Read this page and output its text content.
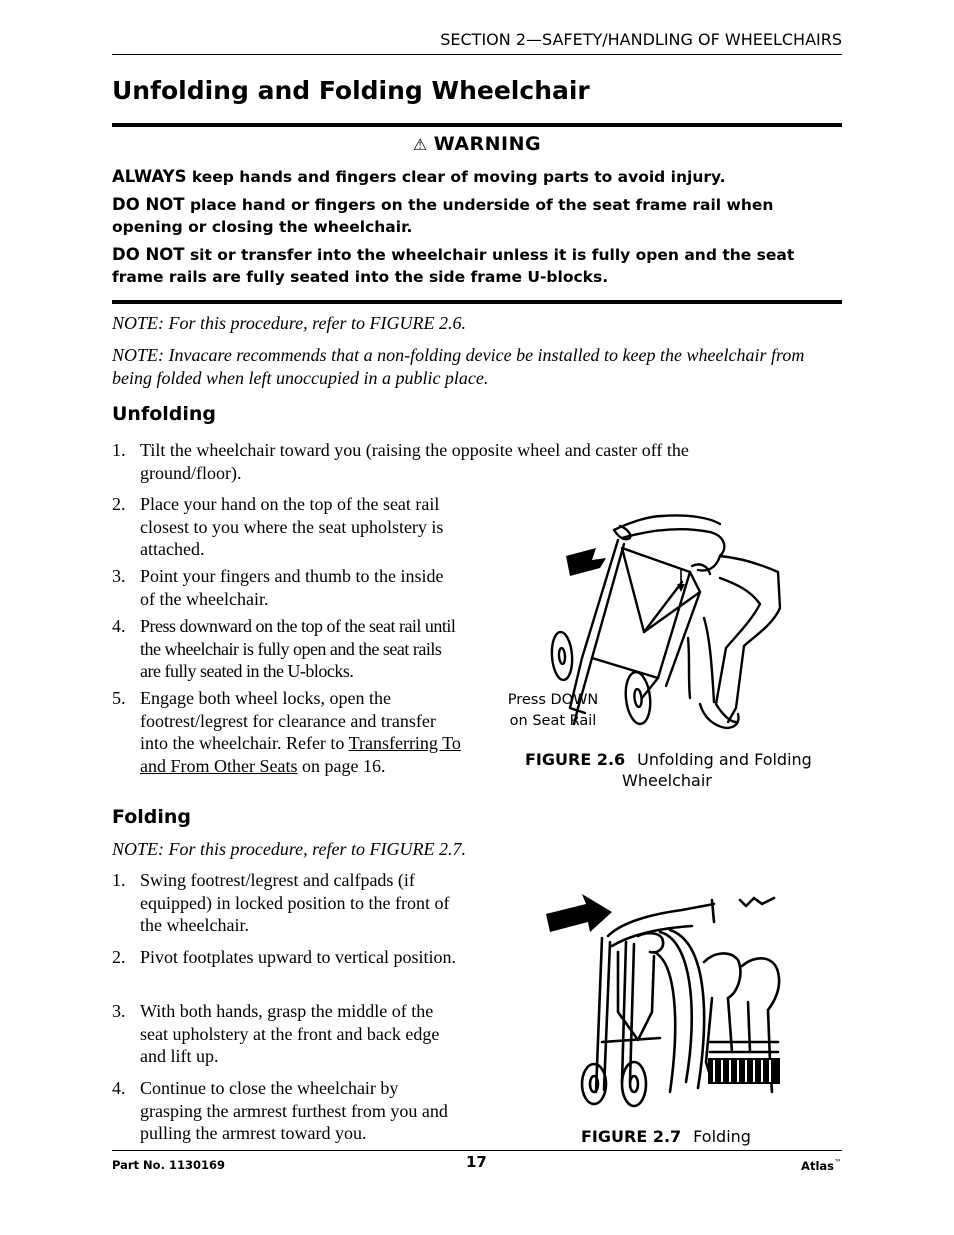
SECTION 2—SAFETY/HANDLING OF WHEELCHAIRS
Unfolding and Folding Wheelchair
⚠ WARNING
ALWAYS keep hands and fingers clear of moving parts to avoid injury.
DO NOT place hand or fingers on the underside of the seat frame rail when opening or closing the wheelchair.
DO NOT sit or transfer into the wheelchair unless it is fully open and the seat frame rails are fully seated into the side frame U-blocks.
NOTE: For this procedure, refer to FIGURE 2.6.
NOTE: Invacare recommends that a non-folding device be installed to keep the wheelchair from being folded when left unoccupied in a public place.
Unfolding
1. Tilt the wheelchair toward you (raising the opposite wheel and caster off the ground/floor).
2. Place your hand on the top of the seat rail closest to you where the seat upholstery is attached.
3. Point your fingers and thumb to the inside of the wheelchair.
4. Press downward on the top of the seat rail until the wheelchair is fully open and the seat rails are fully seated in the U-blocks.
5. Engage both wheel locks, open the footrest/legrest for clearance and transfer into the wheelchair. Refer to Transferring To and From Other Seats on page 16.
Press DOWN
on Seat Rail
FIGURE 2.6 Unfolding and Folding
Wheelchair
Folding
NOTE: For this procedure, refer to FIGURE 2.7.
1. Swing footrest/legrest and calfpads (if equipped) in locked position to the front of the wheelchair.
2. Pivot footplates upward to vertical position.
3. With both hands, grasp the middle of the seat upholstery at the front and back edge and lift up.
4. Continue to close the wheelchair by grasping the armrest furthest from you and pulling the armrest toward you.	FIGURE 2.7 Folding
Part No. 1130169	17	Atlas™
